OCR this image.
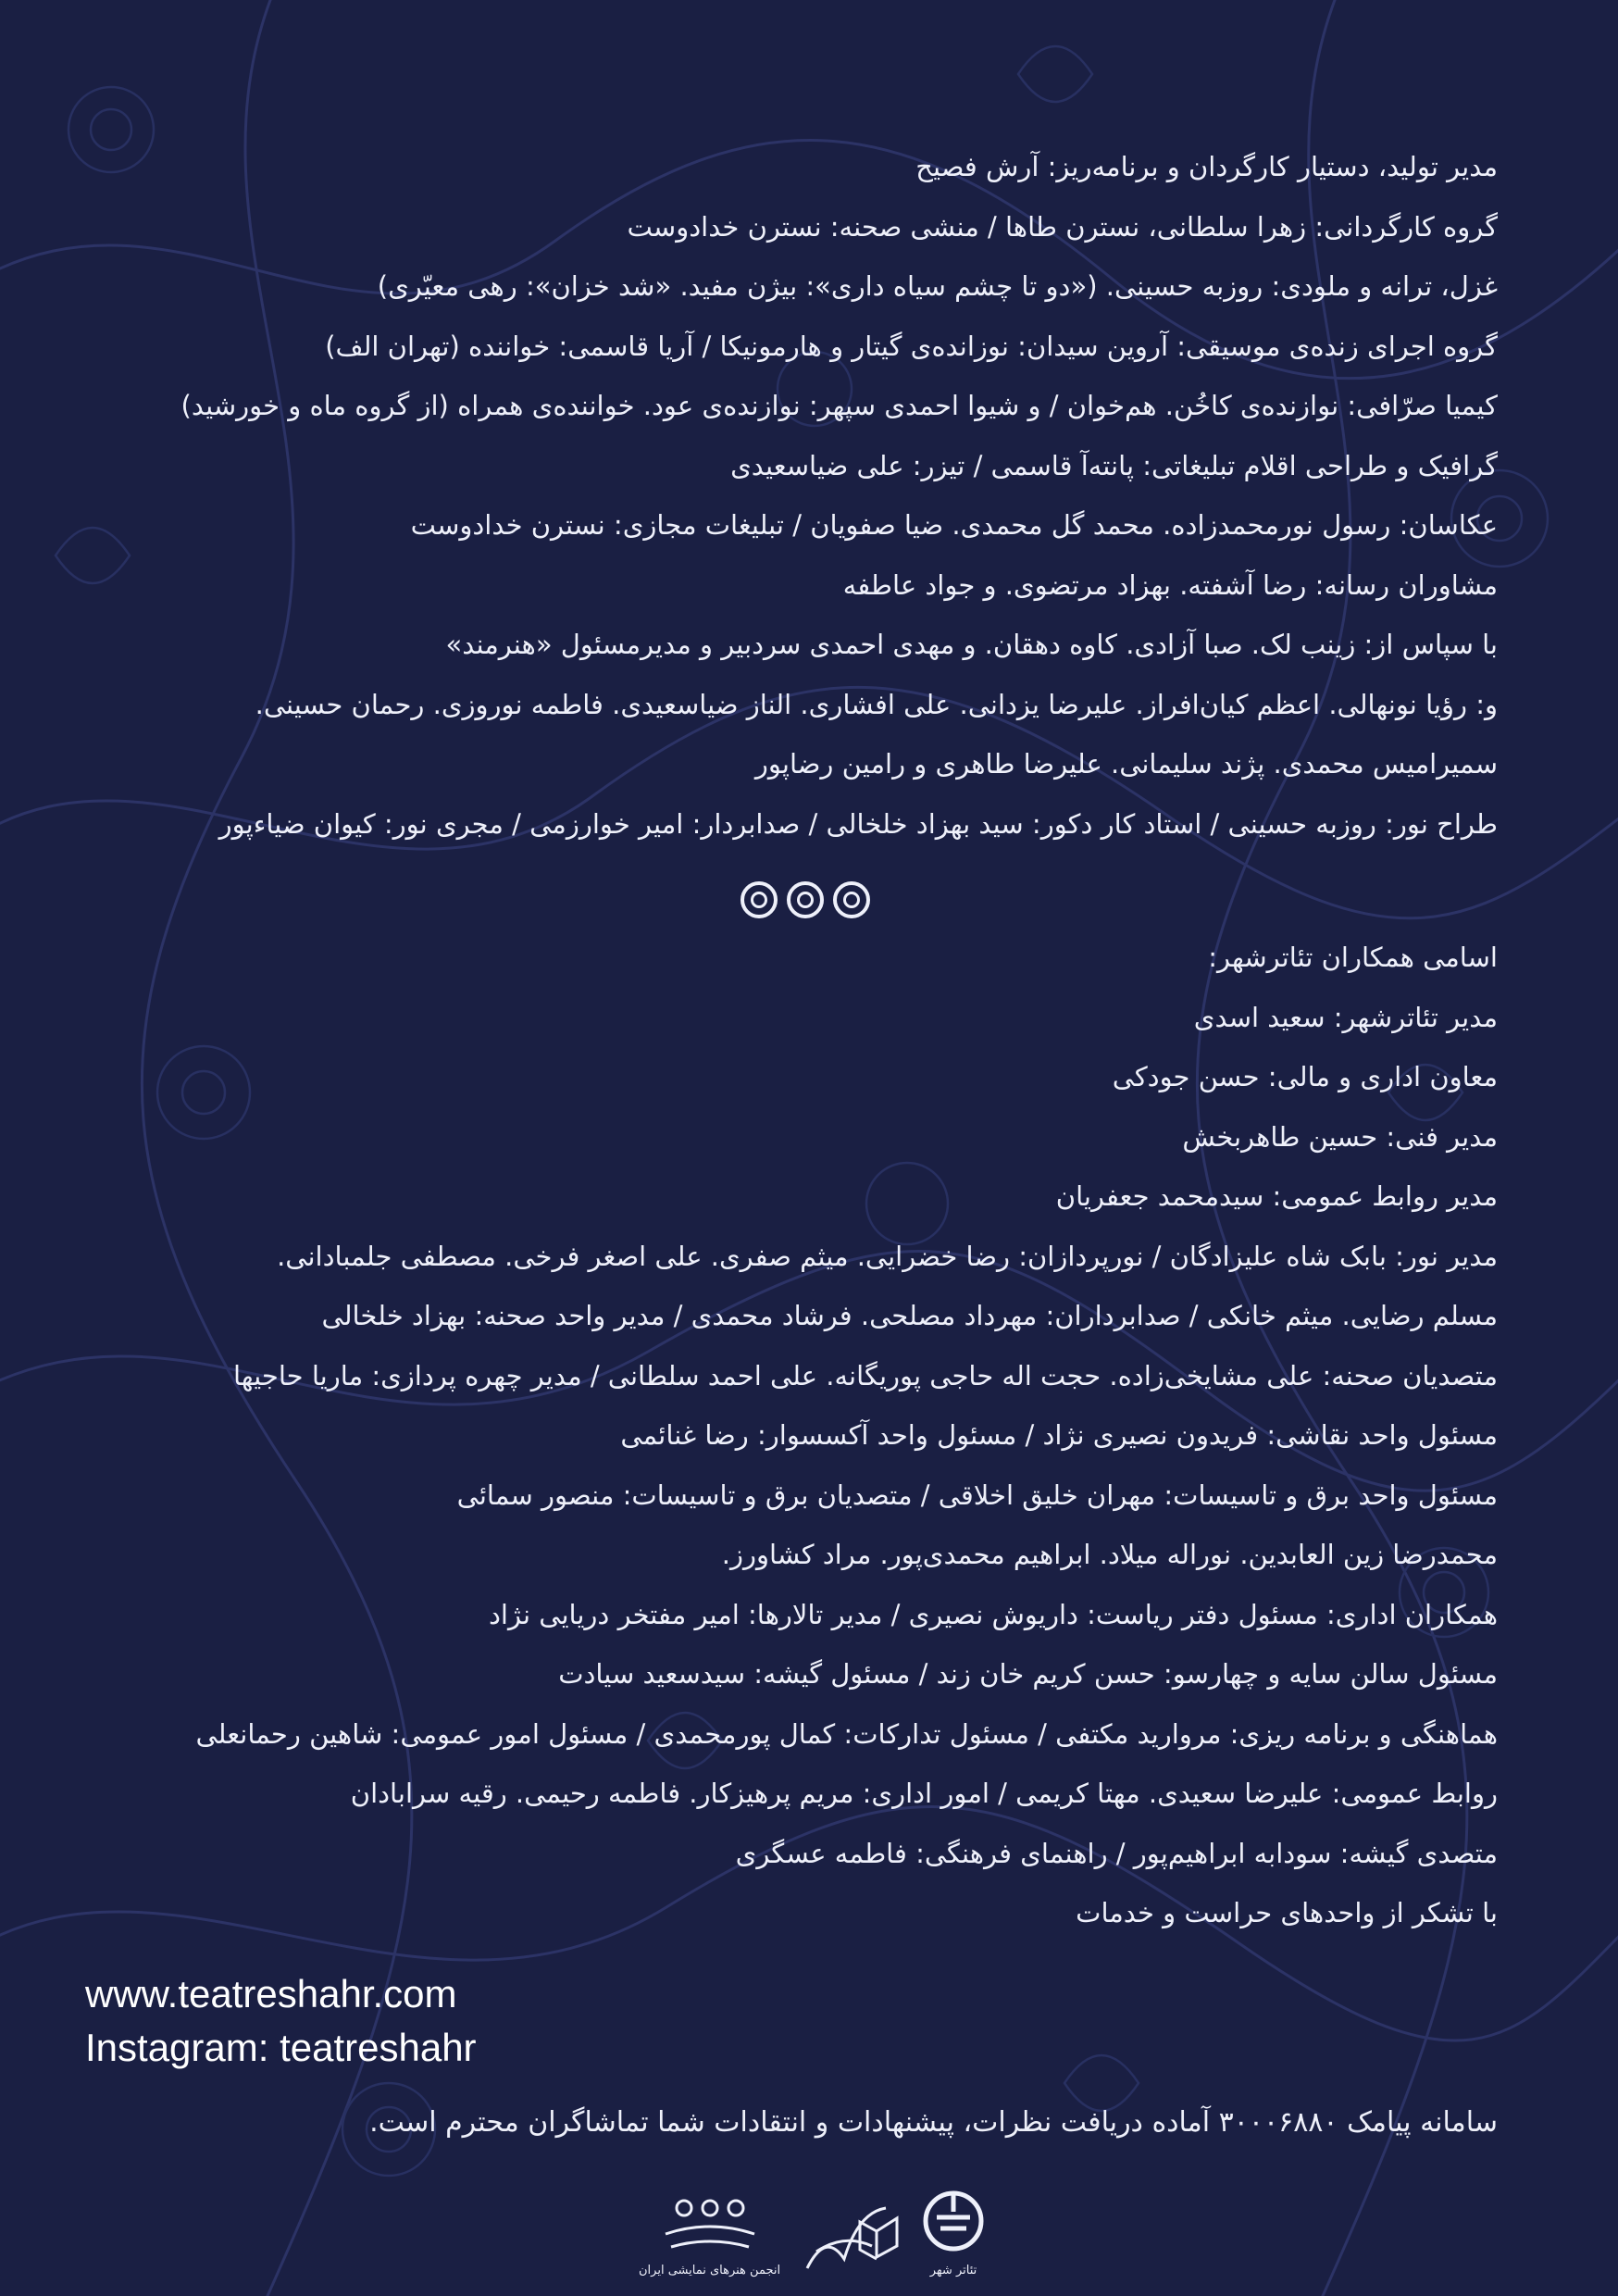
مدیر تولید، دستیار کارگردان و برنامه‌ریز: آرش فصیح
گروه کارگردانی: زهرا سلطانی، نسترن طاها / منشی صحنه: نسترن خدادوست
غزل، ترانه و ملودی: روزبه حسینی. («دو تا چشم سیاه داری»: بیژن مفید. «شد خزان»: رهی معیّری)
گروه اجرای زنده‌ی موسیقی: آروین سیدان: نوزانده‌ی گیتار و هارمونیکا / آریا قاسمی: خواننده (تهران الف)
کیمیا صرّافی: نوازنده‌ی کاخُن. هم‌خوان / و شیوا احمدی سپهر: نوازنده‌ی عود. خواننده‌ی همراه (از گروه ماه و خورشید)
گرافیک و طراحی اقلام تبلیغاتی: پانته‌آ قاسمی / تیزر: علی ضیاسعیدی
عکاسان: رسول نورمحمدزاده. محمد گل محمدی. ضیا صفویان / تبلیغات مجازی: نسترن خدادوست
مشاوران رسانه: رضا آشفته. بهزاد مرتضوی. و جواد عاطفه
با سپاس از: زینب لک. صبا آزادی. کاوه دهقان. و مهدی احمدی سردبیر و مدیرمسئول «هنرمند»
و: رؤیا نونهالی. اعظم کیان‌افراز. علیرضا یزدانی. علی افشاری. الناز ضیاسعیدی. فاطمه نوروزی. رحمان حسینی.
سمیرامیس محمدی. پژند سلیمانی. علیرضا طاهری و رامین رضاپور
طراح نور: روزبه حسینی / استاد کار دکور: سید بهزاد خلخالی / صدابردار: امیر خوارزمی / مجری نور: کیوان ضیاءپور
اسامی همکاران تئاترشهر:
مدیر تئاترشهر: سعید اسدی
معاون اداری و مالی: حسن جودکی
مدیر فنی: حسین طاهربخش
مدیر روابط عمومی: سیدمحمد جعفریان
مدیر نور: بابک شاه علیزادگان / نورپردازان: رضا خضرایی. میثم صفری. علی اصغر فرخی. مصطفی جلمبادانی.
مسلم رضایی. میثم خانکی / صدابرداران: مهرداد مصلحی. فرشاد محمدی / مدیر واحد صحنه: بهزاد خلخالی
متصدیان صحنه: علی مشایخی‌زاده. حجت اله حاجی پوریگانه. علی احمد سلطانی / مدیر چهره پردازی: ماریا حاجیها
مسئول واحد نقاشی: فریدون نصیری نژاد / مسئول واحد آکسسوار: رضا غنائمی
مسئول واحد برق و تاسیسات: مهران خلیق اخلاقی / متصدیان برق و تاسیسات: منصور سمائی
محمدرضا زین العابدین. نوراله میلاد. ابراهیم محمدی‌پور. مراد کشاورز.
همکاران اداری: مسئول دفتر ریاست: داریوش نصیری / مدیر تالارها: امیر مفتخر دریایی نژاد
مسئول سالن سایه و چهارسو: حسن کریم خان زند / مسئول گیشه: سیدسعید سیادت
هماهنگی و برنامه ریزی: مروارید مکتفی / مسئول تدارکات: کمال پورمحمدی / مسئول امور عمومی: شاهین رحمانعلی
روابط عمومی: علیرضا سعیدی. مهتا کریمی / امور اداری: مریم پرهیزکار. فاطمه رحیمی. رقیه سرابادان
متصدی گیشه: سودابه ابراهیم‌پور / راهنمای فرهنگی: فاطمه عسگری
با تشکر از واحدهای حراست و خدمات
www.teatreshahr.com
Instagram: teatreshahr
سامانه پیامک ۳۰۰۰۶۸۸۰ آماده دریافت نظرات، پیشنهادات و انتقادات شما تماشاگران محترم است.
انجمن هنرهای نمایشی ایران	تئاتر شهر
